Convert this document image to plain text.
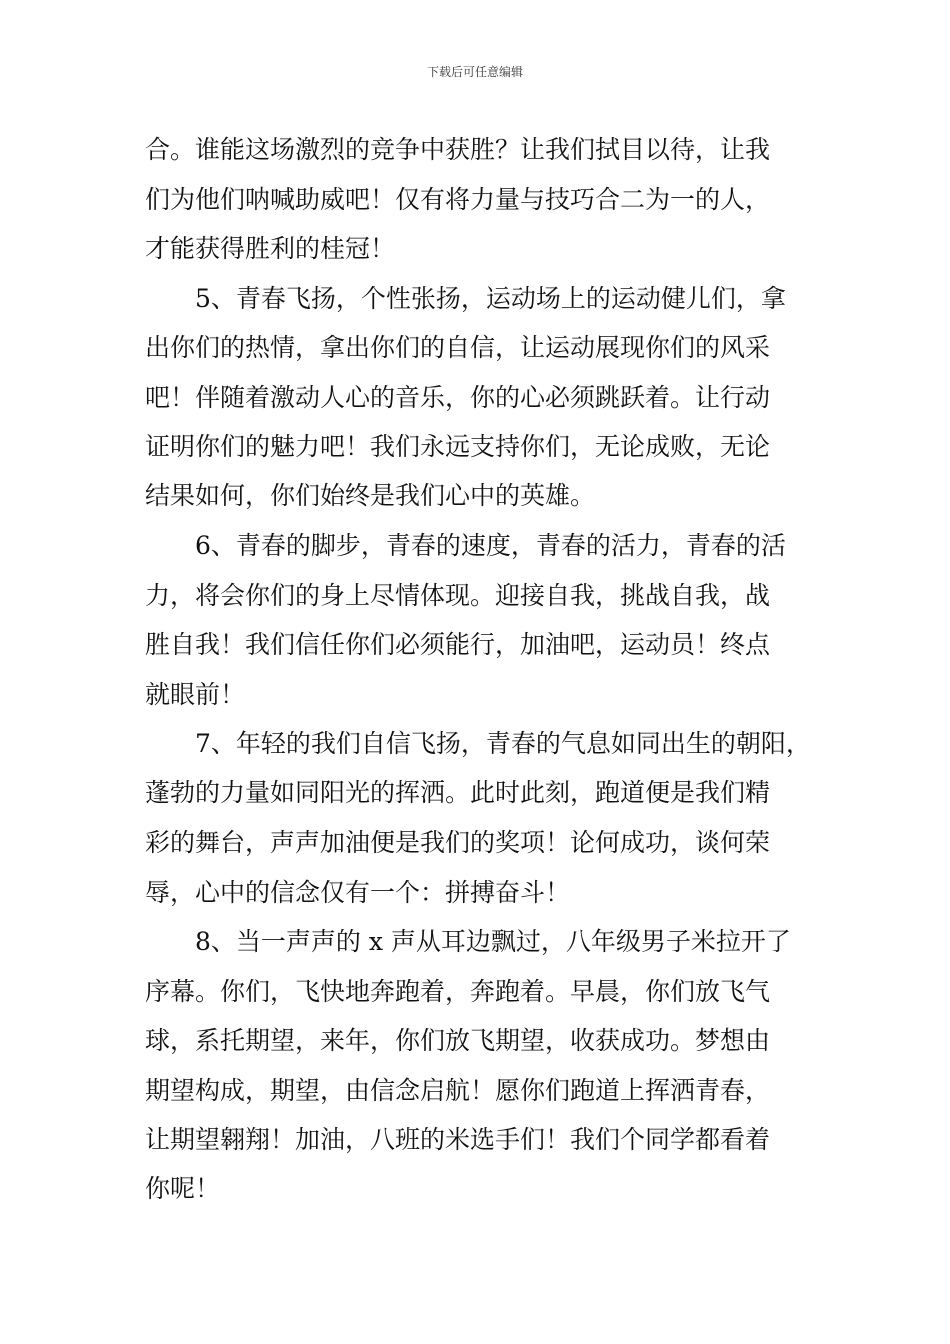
下载后可任意编辑
合。谁能这场激烈的竞争中获胜？让我们拭目以待，让我
们为他们呐喊助威吧！仅有将力量与技巧合二为一的人，
才能获得胜利的桂冠！
　　5、青春飞扬，个性张扬，运动场上的运动健儿们，拿
出你们的热情，拿出你们的自信，让运动展现你们的风采
吧！伴随着激动人心的音乐，你的心必须跳跃着。让行动
证明你们的魅力吧！我们永远支持你们，无论成败，无论
结果如何，你们始终是我们心中的英雄。
　　6、青春的脚步，青春的速度，青春的活力，青春的活
力，将会你们的身上尽情体现。迎接自我，挑战自我，战
胜自我！我们信任你们必须能行，加油吧，运动员！终点
就眼前！
　　7、年轻的我们自信飞扬，青春的气息如同出生的朝阳，
蓬勃的力量如同阳光的挥洒。此时此刻，跑道便是我们精
彩的舞台，声声加油便是我们的奖项！论何成功，谈何荣
辱，心中的信念仅有一个：拼搏奋斗！
　　8、当一声声的 x 声从耳边飘过，八年级男子米拉开了
序幕。你们，飞快地奔跑着，奔跑着。早晨，你们放飞气
球，系托期望，来年，你们放飞期望，收获成功。梦想由
期望构成，期望，由信念启航！愿你们跑道上挥洒青春，
让期望翱翔！加油，八班的米选手们！我们个同学都看着
你呢！
